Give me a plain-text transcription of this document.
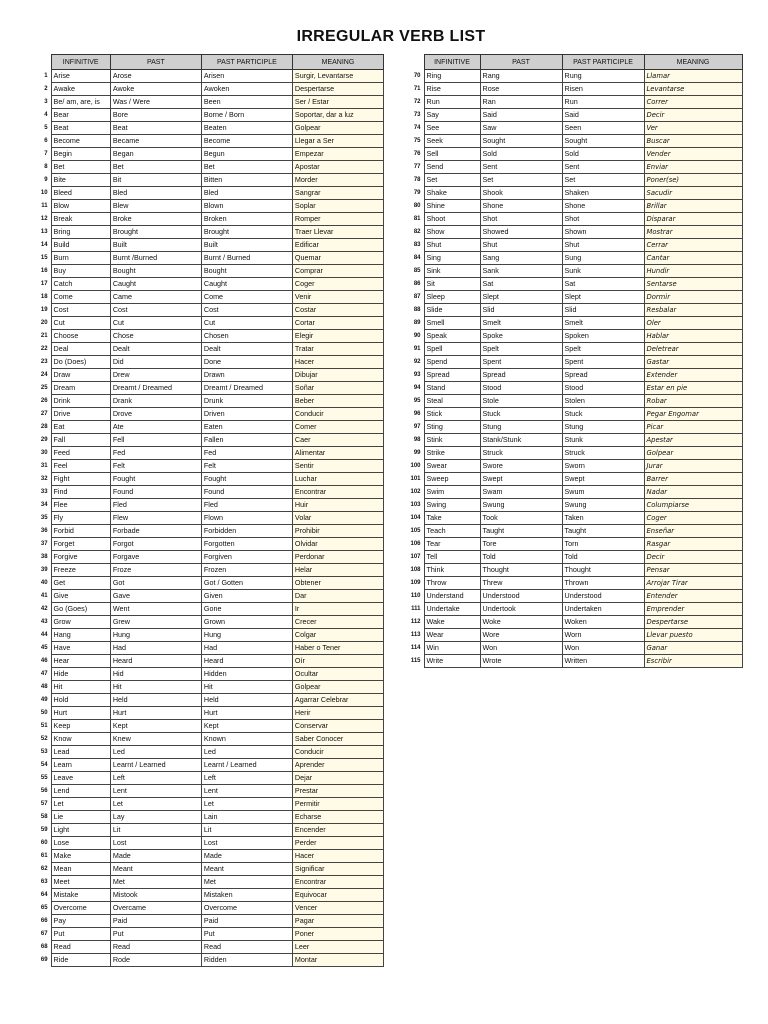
IRREGULAR VERB LIST
	INFINITIVE	PAST	PAST PARTICIPLE	MEANING
1	Arise	Arose	Arisen	Surgir, Levantarse
2	Awake	Awoke	Awoken	Despertarse
3	Be/ am, are, is	Was / Were	Been	Ser / Estar
4	Bear	Bore	Borne / Born	Soportar, dar a luz
5	Beat	Beat	Beaten	Golpear
6	Become	Became	Become	Llegar a Ser
7	Begin	Began	Begun	Empezar
8	Bet	Bet	Bet	Apostar
9	Bite	Bit	Bitten	Morder
10	Bleed	Bled	Bled	Sangrar
11	Blow	Blew	Blown	Soplar
12	Break	Broke	Broken	Romper
13	Bring	Brought	Brought	Traer Llevar
14	Build	Built	Built	Edificar
15	Burn	Burnt /Burned	Burnt / Burned	Quemar
16	Buy	Bought	Bought	Comprar
17	Catch	Caught	Caught	Coger
18	Come	Came	Come	Venir
19	Cost	Cost	Cost	Costar
20	Cut	Cut	Cut	Cortar
21	Choose	Chose	Chosen	Elegir
22	Deal	Dealt	Dealt	Tratar
23	Do (Does)	Did	Done	Hacer
24	Draw	Drew	Drawn	Dibujar
25	Dream	Dreamt / Dreamed	Dreamt / Dreamed	Soñar
26	Drink	Drank	Drunk	Beber
27	Drive	Drove	Driven	Conducir
28	Eat	Ate	Eaten	Comer
29	Fall	Fell	Fallen	Caer
30	Feed	Fed	Fed	Alimentar
31	Feel	Felt	Felt	Sentir
32	Fight	Fought	Fought	Luchar
33	Find	Found	Found	Encontrar
34	Flee	Fled	Fled	Huir
35	Fly	Flew	Flown	Volar
36	Forbid	Forbade	Forbidden	Prohibir
37	Forget	Forgot	Forgotten	Olvidar
38	Forgive	Forgave	Forgiven	Perdonar
39	Freeze	Froze	Frozen	Helar
40	Get	Got	Got / Gotten	Obtener
41	Give	Gave	Given	Dar
42	Go (Goes)	Went	Gone	Ir
43	Grow	Grew	Grown	Crecer
44	Hang	Hung	Hung	Colgar
45	Have	Had	Had	Haber o Tener
46	Hear	Heard	Heard	Oír
47	Hide	Hid	Hidden	Ocultar
48	Hit	Hit	Hit	Golpear
49	Hold	Held	Held	Agarrar Celebrar
50	Hurt	Hurt	Hurt	Herir
51	Keep	Kept	Kept	Conservar
52	Know	Knew	Known	Saber Conocer
53	Lead	Led	Led	Conducir
54	Learn	Learnt / Learned	Learnt / Learned	Aprender
55	Leave	Left	Left	Dejar
56	Lend	Lent	Lent	Prestar
57	Let	Let	Let	Permitir
58	Lie	Lay	Lain	Echarse
59	Light	Lit	Lit	Encender
60	Lose	Lost	Lost	Perder
61	Make	Made	Made	Hacer
62	Mean	Meant	Meant	Significar
63	Meet	Met	Met	Encontrar
64	Mistake	Mistook	Mistaken	Equivocar
65	Overcome	Overcame	Overcome	Vencer
66	Pay	Paid	Paid	Pagar
67	Put	Put	Put	Poner
68	Read	Read	Read	Leer
69	Ride	Rode	Ridden	Montar
	INFINITIVE	PAST	PAST PARTICIPLE	MEANING
70	Ring	Rang	Rung	Llamar
71	Rise	Rose	Risen	Levantarse
72	Run	Ran	Run	Correr
73	Say	Said	Said	Decir
74	See	Saw	Seen	Ver
75	Seek	Sought	Sought	Buscar
76	Sell	Sold	Sold	Vender
77	Send	Sent	Sent	Enviar
78	Set	Set	Set	Poner(se)
79	Shake	Shook	Shaken	Sacudir
80	Shine	Shone	Shone	Brillar
81	Shoot	Shot	Shot	Disparar
82	Show	Showed	Shown	Mostrar
83	Shut	Shut	Shut	Cerrar
84	Sing	Sang	Sung	Cantar
85	Sink	Sank	Sunk	Hundir
86	Sit	Sat	Sat	Sentarse
87	Sleep	Slept	Slept	Dormir
88	Slide	Slid	Slid	Resbalar
89	Smell	Smelt	Smelt	Oler
90	Speak	Spoke	Spoken	Hablar
91	Spell	Spelt	Spelt	Deletrear
92	Spend	Spent	Spent	Gastar
93	Spread	Spread	Spread	Extender
94	Stand	Stood	Stood	Estar en pie
95	Steal	Stole	Stolen	Robar
96	Stick	Stuck	Stuck	Pegar Engomar
97	Sting	Stung	Stung	Picar
98	Stink	Stank/Stunk	Stunk	Apestar
99	Strike	Struck	Struck	Golpear
100	Swear	Swore	Sworn	Jurar
101	Sweep	Swept	Swept	Barrer
102	Swim	Swam	Swum	Nadar
103	Swing	Swung	Swung	Columpiarse
104	Take	Took	Taken	Coger
105	Teach	Taught	Taught	Enseñar
106	Tear	Tore	Torn	Rasgar
107	Tell	Told	Told	Decir
108	Think	Thought	Thought	Pensar
109	Throw	Threw	Thrown	Arrojar Tirar
110	Understand	Understood	Understood	Entender
111	Undertake	Undertook	Undertaken	Emprender
112	Wake	Woke	Woken	Despertarse
113	Wear	Wore	Worn	Llevar puesto
114	Win	Won	Won	Ganar
115	Write	Wrote	Written	Escribir
